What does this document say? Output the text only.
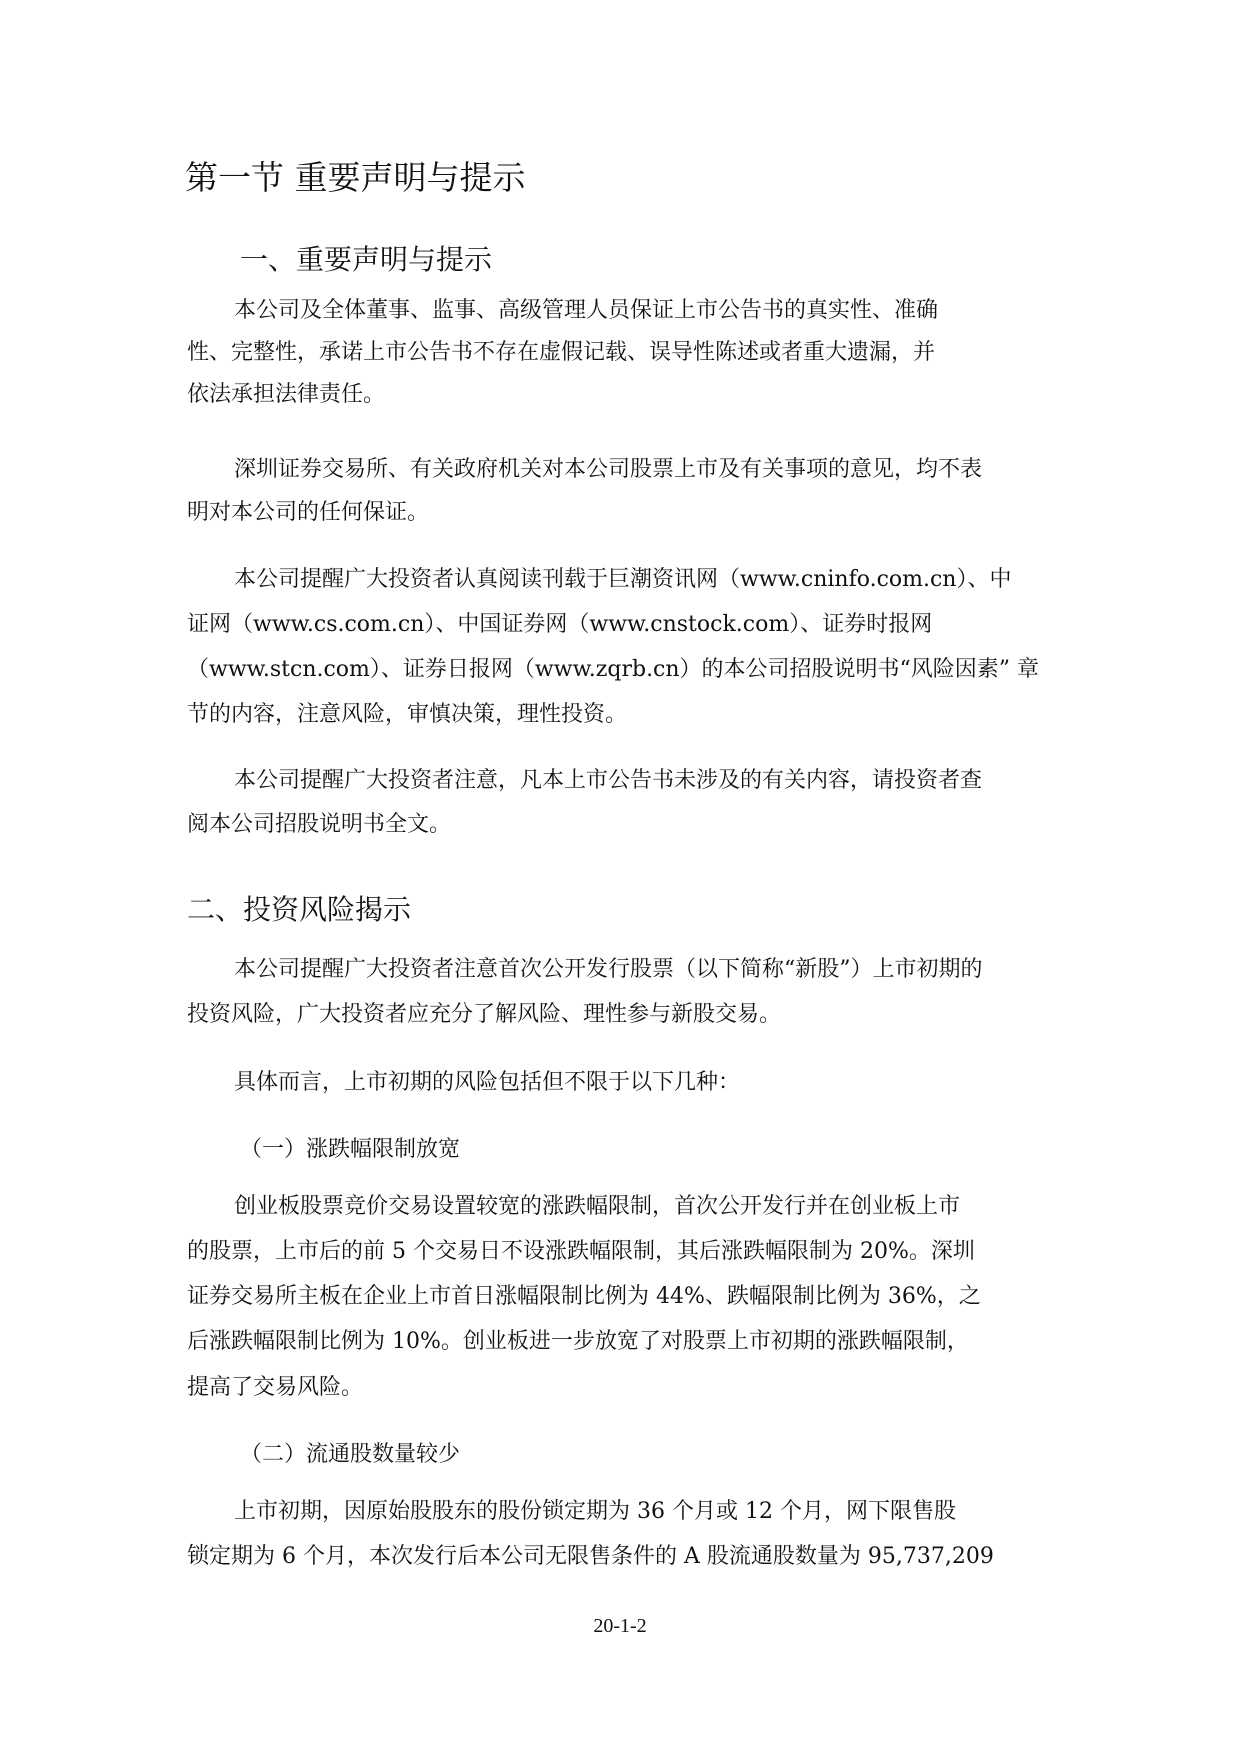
第一节 重要声明与提示
一、重要声明与提示

本公司及全体董事、监事、高级管理人员保证上市公告书的真实性、准确

性、完整性，承诺上市公告书不存在虚假记载、误导性陈述或者重大遗漏，并

依法承担法律责任。

深圳证券交易所、有关政府机关对本公司股票上市及有关事项的意见，均不表

明对本公司的任何保证。

本公司提醒广大投资者认真阅读刊载于巨潮资讯网（www.cninfo.com.cn）、中

证网（www.cs.com.cn）、中国证券网（www.cnstock.com）、证券时报网

（www.stcn.com）、证券日报网（www.zqrb.cn）的本公司招股说明书“风险因素” 章

节的内容，注意风险，审慎决策，理性投资。

本公司提醒广大投资者注意，凡本上市公告书未涉及的有关内容，请投资者查

阅本公司招股说明书全文。

二、投资风险揭示

本公司提醒广大投资者注意首次公开发行股票（以下简称“新股”）上市初期的

投资风险，广大投资者应充分了解风险、理性参与新股交易。

具体而言，上市初期的风险包括但不限于以下几种：

（一）涨跌幅限制放宽

创业板股票竞价交易设置较宽的涨跌幅限制，首次公开发行并在创业板上市

的股票，上市后的前 5 个交易日不设涨跌幅限制，其后涨跌幅限制为 20%。深圳

证券交易所主板在企业上市首日涨幅限制比例为 44%、跌幅限制比例为 36%，之

后涨跌幅限制比例为 10%。创业板进一步放宽了对股票上市初期的涨跌幅限制，

提高了交易风险。

（二）流通股数量较少

上市初期，因原始股股东的股份锁定期为 36 个月或 12 个月，网下限售股

锁定期为 6 个月，本次发行后本公司无限售条件的 A 股流通股数量为 95,737,209

20-1-2
